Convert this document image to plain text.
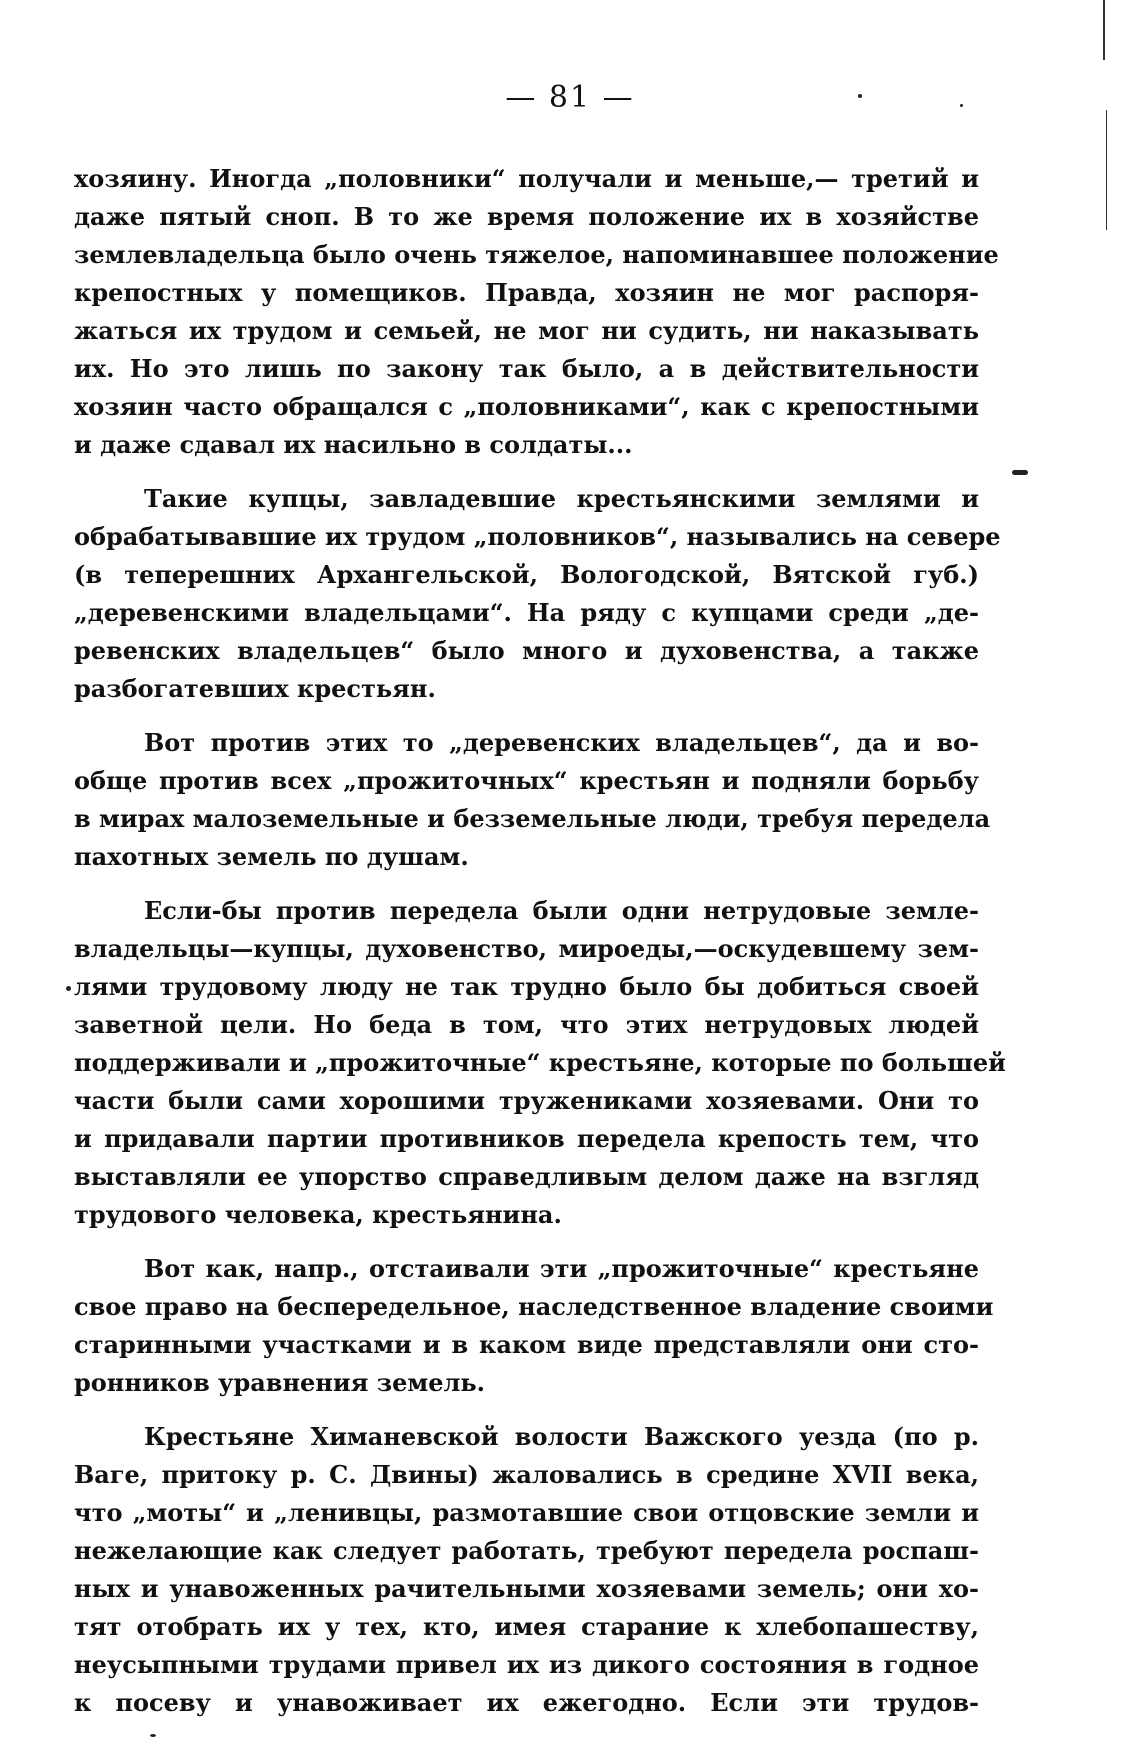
— 81 —
хозяину. Иногда „половники“ получали и меньше,— третий и
даже пятый сноп. В то же время положение их в хозяйстве
землевладельца было очень тяжелое, напоминавшее положение
крепостных у помещиков. Правда, хозяин не мог распоря-
жаться их трудом и семьей, не мог ни судить, ни наказывать
их. Но это лишь по закону так было, а в действительности
хозяин часто обращался с „половниками“, как с крепостными
и даже сдавал их насильно в солдаты...
Такие купцы, завладевшие крестьянскими землями и
обрабатывавшие их трудом „половников“, назывались на севере
(в теперешних Архангельской, Вологодской, Вятской губ.)
„деревенскими владельцами“. На ряду с купцами среди „де-
ревенских владельцев“ было много и духовенства, а также
разбогатевших крестьян.
Вот против этих то „деревенских владельцев“, да и во-
обще против всех „прожиточных“ крестьян и подняли борьбу
в мирах малоземельные и безземельные люди, требуя передела
пахотных земель по душам.
Если-бы против передела были одни нетрудовые земле-
владельцы—купцы, духовенство, мироеды,—оскудевшему зем-
лями трудовому люду не так трудно было бы добиться своей
заветной цели. Но беда в том, что этих нетрудовых людей
поддерживали и „прожиточные“ крестьяне, которые по большей
части были сами хорошими тружениками хозяевами. Они то
и придавали партии противников передела крепость тем, что
выставляли ее упорство справедливым делом даже на взгляд
трудового человека, крестьянина.
Вот как, напр., отстаивали эти „прожиточные“ крестьяне
свое право на беспередельное, наследственное владение своими
старинными участками и в каком виде представляли они сто-
ронников уравнения земель.
Крестьяне Химаневской волости Важского уезда (по р.
Ваге, притоку р. С. Двины) жаловались в средине XVII века,
что „моты“ и „ленивцы, размотавшие свои отцовские земли и
нежелающие как следует работать, требуют передела роспаш-
ных и унавоженных рачительными хозяевами земель; они хо-
тят отобрать их у тех, кто, имея старание к хлебопашеству,
неусыпными трудами привел их из дикого состояния в годное
к посеву и унавоживает их ежегодно. Если эти трудов-
